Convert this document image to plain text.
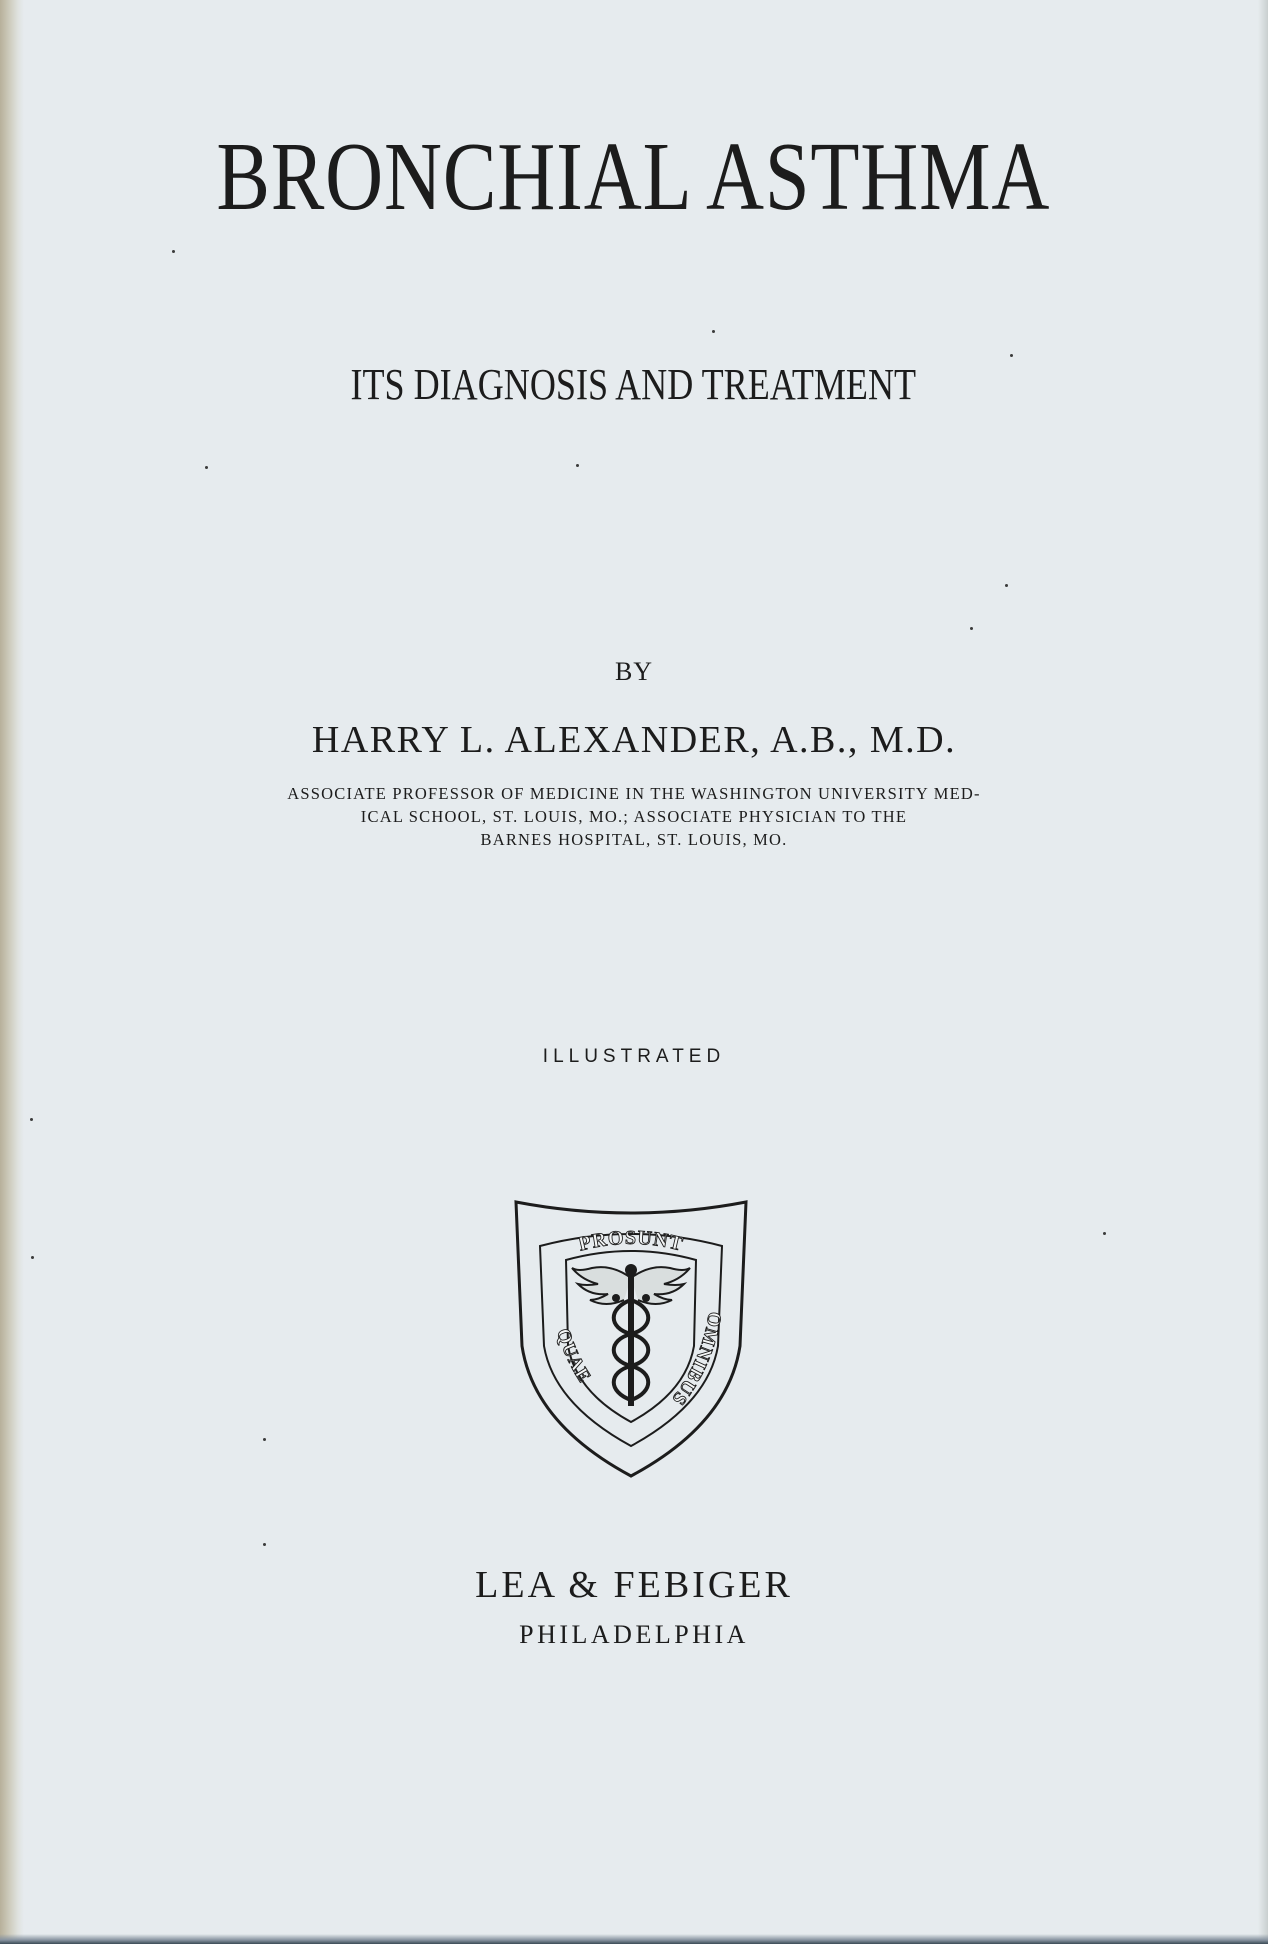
BRONCHIAL ASTHMA
ITS DIAGNOSIS AND TREATMENT
BY
HARRY L. ALEXANDER, A.B., M.D.
ASSOCIATE PROFESSOR OF MEDICINE IN THE WASHINGTON UNIVERSITY MED-
ICAL SCHOOL, ST. LOUIS, MO.; ASSOCIATE PHYSICIAN TO THE
BARNES HOSPITAL, ST. LOUIS, MO.
ILLUSTRATED
PROSUNT
QUAE
OMNIBUS
LEA & FEBIGER
PHILADELPHIA
